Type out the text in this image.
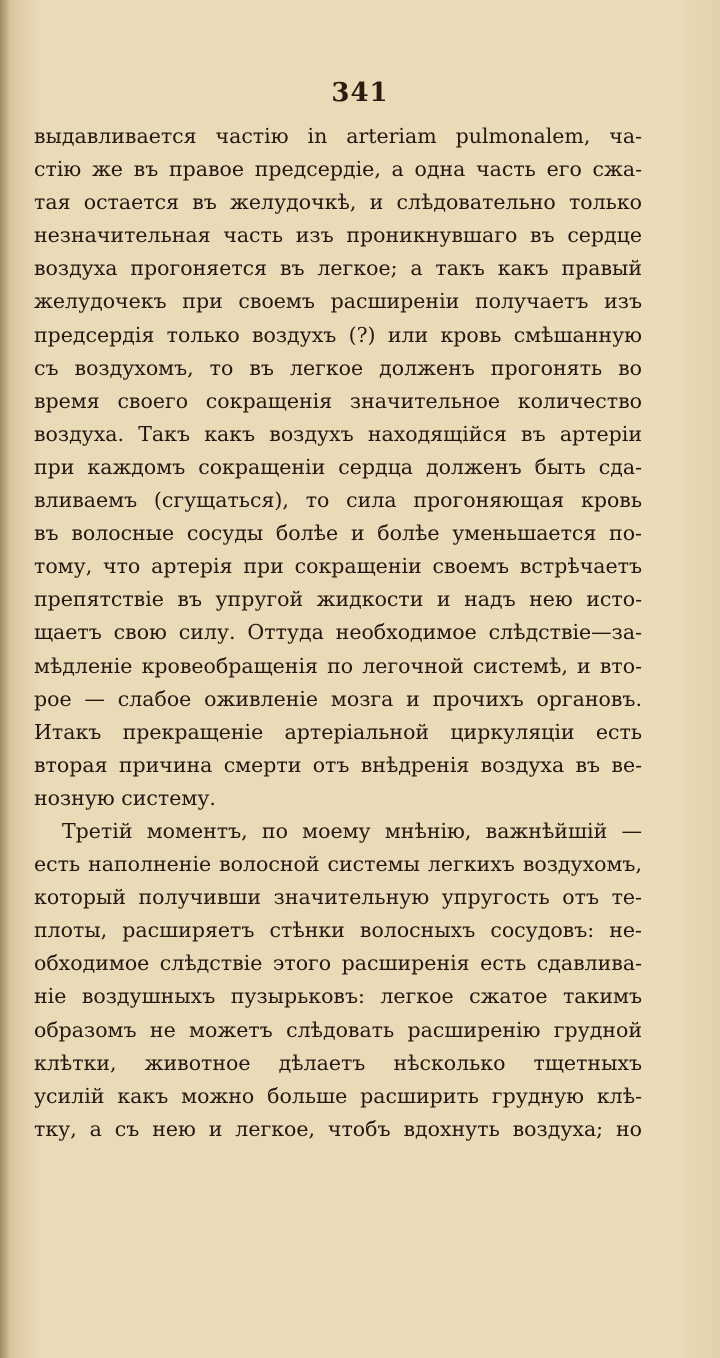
341
выдавливается частію in arteriam pulmonalem, ча-
стію же въ правое предсердіе, а одна часть его сжа-
тая остается въ желудочкѣ, и слѣдовательно только
незначительная часть изъ проникнувшаго въ сердце
воздуха прогоняется въ легкое; а такъ какъ правый
желудочекъ при своемъ расширеніи получаетъ изъ
предсердія только воздухъ (?) или кровь смѣшанную
съ воздухомъ, то въ легкое долженъ прогонять во
время своего сокращенія значительное количество
воздуха. Такъ какъ воздухъ находящійся въ артеріи
при каждомъ сокращеніи сердца долженъ быть сда-
вливаемъ (сгущаться), то сила прогоняющая кровь
въ волосные сосуды болѣе и болѣе уменьшается по-
тому, что артерія при сокращеніи своемъ встрѣчаетъ
препятствіе въ упругой жидкости и надъ нею исто-
щаетъ свою силу. Оттуда необходимое слѣдствіе—за-
мѣдленіе кровеобращенія по легочной системѣ, и вто-
рое — слабое оживленіе мозга и прочихъ органовъ.
Итакъ прекращеніе артеріальной циркуляціи есть
вторая причина смерти отъ внѣдренія воздуха въ ве-
нозную систему.
Третій моментъ, по моему мнѣнію, важнѣйшій —
есть наполненіе волосной системы легкихъ воздухомъ,
который получивши значительную упругость отъ те-
плоты, расширяетъ стѣнки волосныхъ сосудовъ: не-
обходимое слѣдствіе этого расширенія есть сдавлива-
ніе воздушныхъ пузырьковъ: легкое сжатое такимъ
образомъ не можетъ слѣдовать расширенію грудной
клѣтки, животное дѣлаетъ нѣсколько тщетныхъ
усилій какъ можно больше расширить грудную клѣ-
тку, а съ нею и легкое, чтобъ вдохнуть воздуха; но
